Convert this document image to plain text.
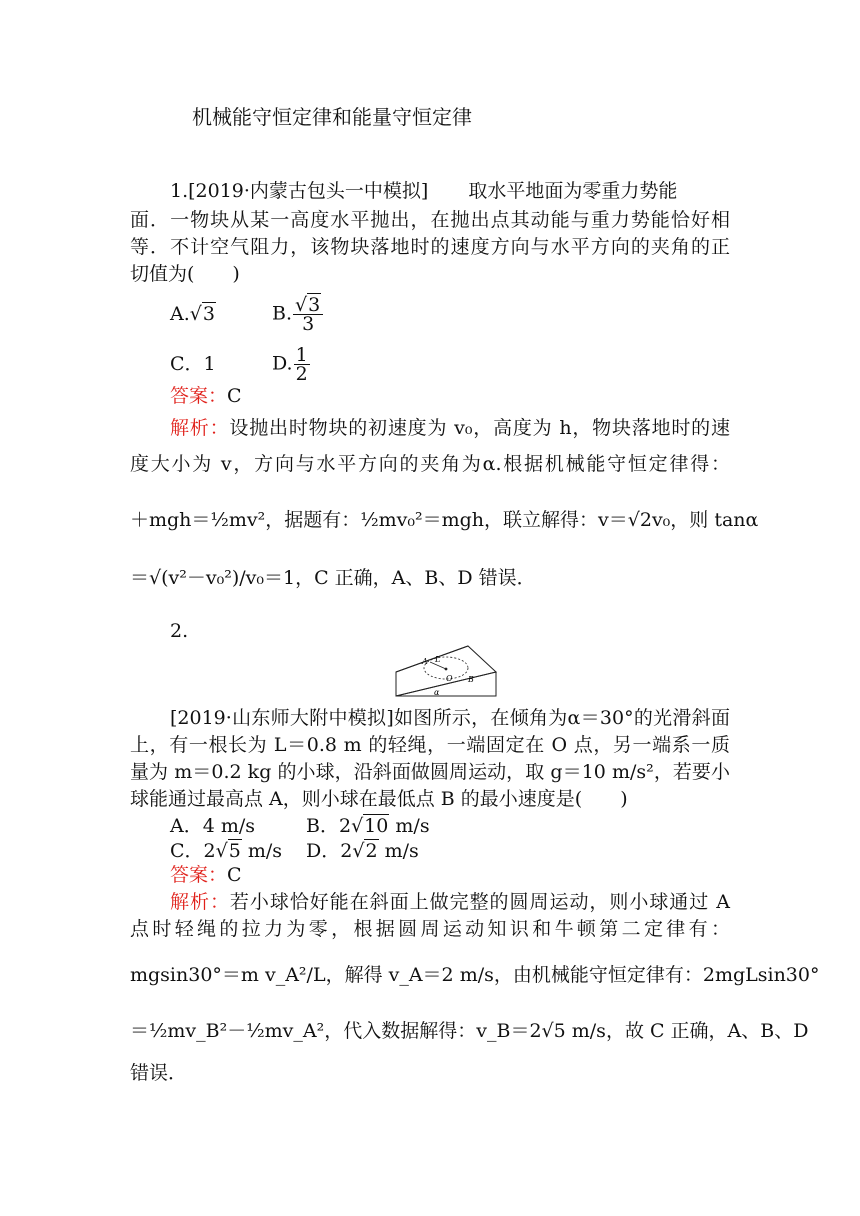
机械能守恒定律和能量守恒定律
1.[2019·内蒙古包头一中模拟] 取水平地面为零重力势能
面．一物块从某一高度水平抛出，在抛出点其动能与重力势能恰好相
等．不计空气阻力，该物块落地时的速度方向与水平方向的夹角的正
切值为(　　)
A.√3	B. $\frac{√3}{3}$
C．1	D. $\frac{1}{2}$
答案：C
解析：设抛出时物块的初速度为 v₀，高度为 h，物块落地时的速
度大小为 v，方向与水平方向的夹角为α.根据机械能守恒定律得：
＋mgh＝½mv²，据题有：½mv₀²＝mgh，联立解得：v＝√2v₀，则 tanα
＝√(v²－v₀²)/v₀＝1，C 正确，A、B、D 错误．
2.
A L
O B
α
[2019·山东师大附中模拟]如图所示，在倾角为α＝30°的光滑斜面
上，有一根长为 L＝0.8 m 的轻绳，一端固定在 O 点，另一端系一质
量为 m＝0.2 kg 的小球，沿斜面做圆周运动，取 g＝10 m/s²，若要小
球能通过最高点 A，则小球在最低点 B 的最小速度是(　　)
A．4 m/s	B．2√10 m/s
C．2√5 m/s D．2√2 m/s
答案：C
解析：若小球恰好能在斜面上做完整的圆周运动，则小球通过 A
点时轻绳的拉力为零，根据圆周运动知识和牛顿第二定律有：
mgsin30°＝m v_A²/L，解得 v_A＝2 m/s，由机械能守恒定律有：2mgLsin30°
＝½mv_B²－½mv_A²，代入数据解得：v_B＝2√5 m/s，故 C 正确，A、B、D
错误．
